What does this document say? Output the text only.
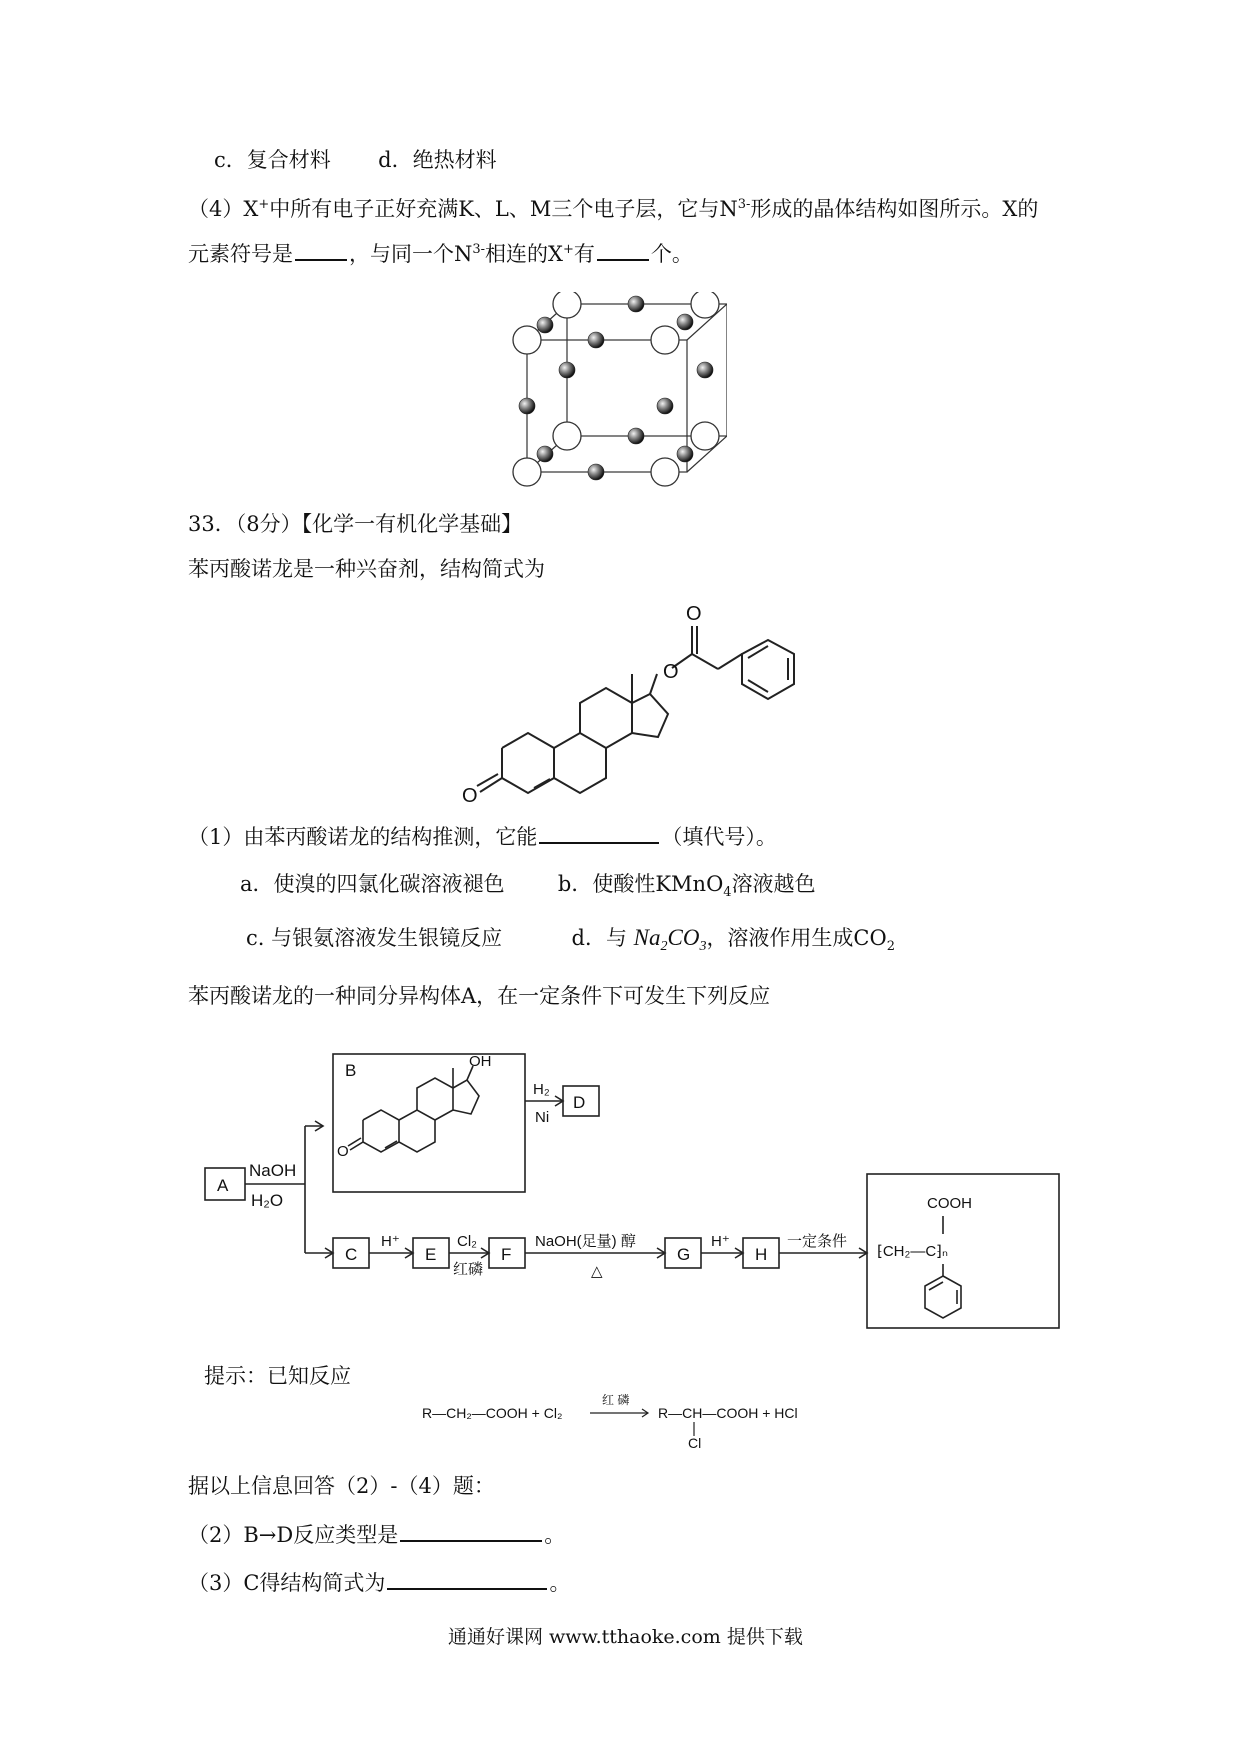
c．复合材料 d．绝热材料
（4）X+中所有电子正好充满K、L、M三个电子层，它与$N^{3-}$形成的晶体结构如图所示。X的
元素符号是	，与同一个$N^{3-}$相连的X+有	个。
33．（8分）【化学一有机化学基础】
苯丙酸诺龙是一种兴奋剂，结构简式为
O
O
O
（1）由苯丙酸诺龙的结构推测，它能	（填代号）。
a．使溴的四氯化碳溶液褪色	b．使酸性KMnO$_4$溶液越色
c. 与银氨溶液发生银镜反应	d．与 $Na_2CO_3$，溶液作用生成$CO_2$
苯丙酸诺龙的一种同分异构体A，在一定条件下可发生下列反应
A
NaOH
H₂O
B	OH
O
H₂
Ni
D
C
H⁺
E
Cl₂
红磷
F
NaOH(足量) 醇
△
G
H⁺
H
一定条件
COOH
⁅CH₂—C⁆ₙ
提示：已知反应
R—CH₂—COOH + Cl₂
红 磷
R—CH—COOH + HCl
Cl
据以上信息回答（2）-（4）题：
（2）B→D反应类型是	。
（3）C得结构简式为	。
通通好课网 www.tthaoke.com 提供下载
